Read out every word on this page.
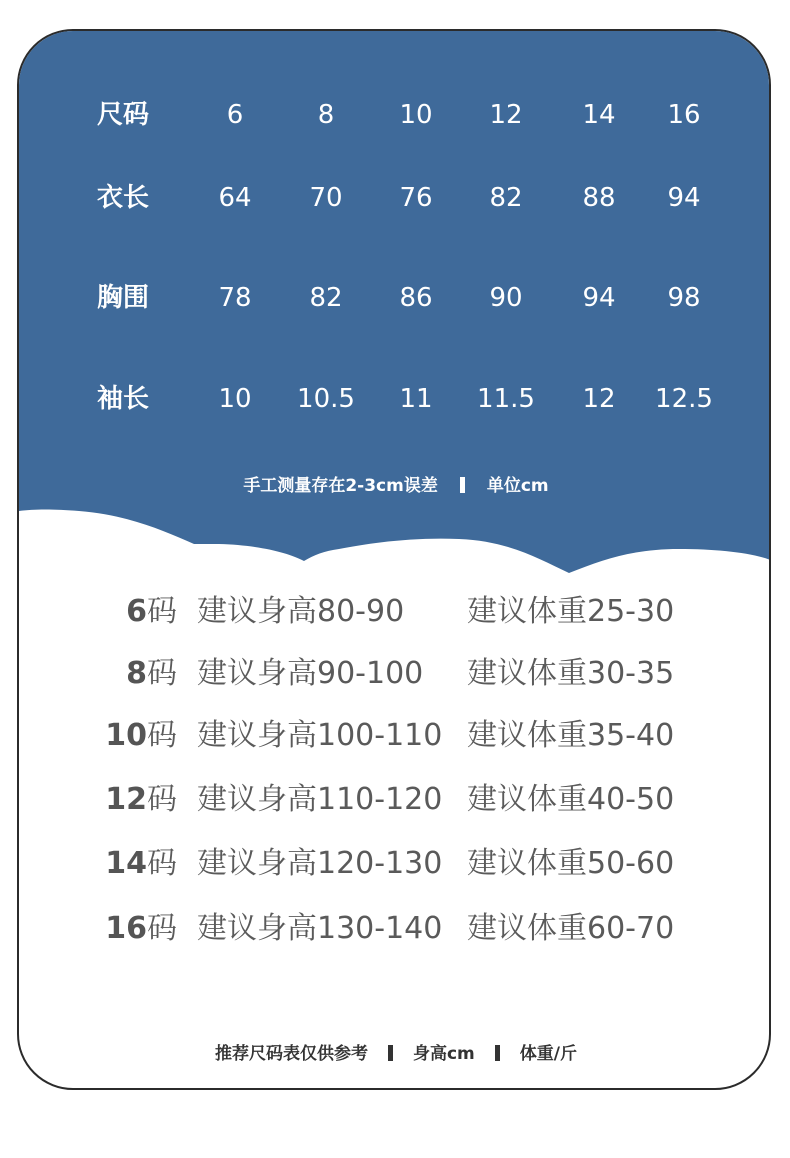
尺码	6	8	10	12	14	16
衣长	64	70	76	82	88	94
胸围	78	82	86	90	94	98
袖长	10	10.5	11	11.5	12	12.5
手工测量存在2-3cm误差	单位cm
6码 建议身高80-90 建议体重25-30
8码 建议身高90-100 建议体重30-35
10码 建议身高100-110 建议体重35-40
12码 建议身高110-120 建议体重40-50
14码 建议身高120-130 建议体重50-60
16码 建议身高130-140 建议体重60-70
推荐尺码表仅供参考	身高cm	体重/斤
